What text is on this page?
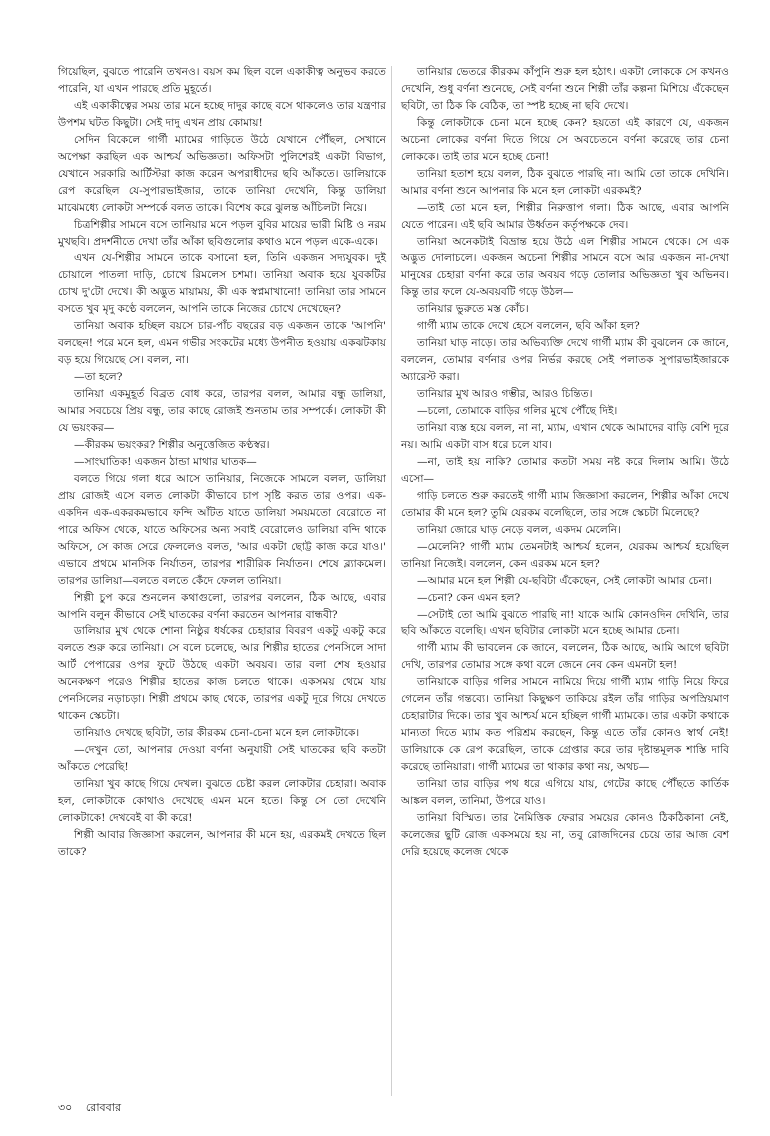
গিয়েছিল, বুঝতে পারেনি তখনও। বয়স কম ছিল বলে একাকীত্ব অনুভব করতে পারেনি, যা এখন পারছে প্রতি মুহূর্তে।

এই একাকীত্বের সময় তার মনে হচ্ছে দাদুর কাছে বসে থাকলেও তার যন্ত্রণার উপশম ঘটত কিছুটা। সেই দাদু এখন প্রায় কোমায়!

সেদিন বিকেলে গার্গী ম্যামের গাড়িতে উঠে যেখানে পৌঁছল, সেখানে অপেক্ষা করছিল এক আশ্চর্য অভিজ্ঞতা। অফিসটা পুলিশেরই একটা বিভাগ, যেখানে সরকারি আর্টিস্টরা কাজ করেন অপরাধীদের ছবি আঁকতে। ডালিয়াকে রেপ করেছিল যে-সুপারভাইজার, তাকে তানিয়া দেখেনি, কিন্তু ডালিয়া মাঝেমধ্যে লোকটা সম্পর্কে বলত তাকে। বিশেষ করে ঝুলন্ত আঁচিলটা নিয়ে।

চিত্রশিল্পীর সামনে বসে তানিয়ার মনে পড়ল বুবির মায়ের ভারী মিষ্টি ও নরম মুখছবি। প্রদর্শনীতে দেখা তাঁর আঁকা ছবিগুলোর কথাও মনে পড়ল একে-একে।

এখন যে-শিল্পীর সামনে তাকে বসানো হল, তিনি একজন সদ্যযুবক। দুই চোয়ালে পাতলা দাড়ি, চোখে রিমলেস চশমা। তানিয়া অবাক হয়ে যুবকটির চোখ দু'টো দেখে। কী অদ্ভুত মায়াময়, কী এক স্বপ্নমাখানো! তানিয়া তার সামনে বসতে খুব মৃদু কণ্ঠে বললেন, আপনি তাকে নিজের চোখে দেখেছেন?

তানিয়া অবাক হচ্ছিল বয়সে চার-পাঁচ বছরের বড় একজন তাকে 'আপনি' বলছেন! পরে মনে হল, এমন গভীর সংকটের মধ্যে উপনীত হওয়ায় একঝটকায় বড় হয়ে গিয়েছে সে। বলল, না।

—তা হলে?

তানিয়া একমুহূর্ত বিব্রত বোধ করে, তারপর বলল, আমার বন্ধু ডালিয়া, আমার সবচেয়ে প্রিয় বন্ধু, তার কাছে রোজই শুনতাম তার সম্পর্কে। লোকটা কী যে ভয়ংকর—

—কীরকম ভয়ংকর? শিল্পীর অনুত্তেজিত কণ্ঠস্বর।

—সাংঘাতিক! একজন ঠান্ডা মাথার ঘাতক—

বলতে গিয়ে গলা ধরে আসে তানিয়ার, নিজেকে সামলে বলল, ডালিয়া প্রায় রোজই এসে বলত লোকটা কীভাবে চাপ সৃষ্টি করত তার ওপর। এক-একদিন এক-একরকমভাবে ফন্দি আঁটত যাতে ডালিয়া সময়মতো বেরোতে না পারে অফিস থেকে, যাতে অফিসের অন্য সবাই বেরোলেও ডালিয়া বন্দি থাকে অফিসে, সে কাজ সেরে ফেললেও বলত, 'আর একটা ছোট্ট কাজ করে যাও।' এভাবে প্রথমে মানসিক নির্যাতন, তারপর শারীরিক নির্যাতন। শেষে ব্ল্যাকমেল। তারপর ডালিয়া—বলতে বলতে কেঁদে ফেলল তানিয়া।

শিল্পী চুপ করে শুনলেন কথাগুলো, তারপর বললেন, ঠিক আছে, এবার আপনি বলুন কীভাবে সেই ঘাতকের বর্ণনা করতেন আপনার বান্ধবী?

ডালিয়ার মুখ থেকে শোনা নিষ্ঠুর ধর্ষকের চেহারার বিবরণ একটু একটু করে বলতে শুরু করে তানিয়া। সে বলে চলেছে, আর শিল্পীর হাতের পেনসিলে সাদা আর্ট পেপারের ওপর ফুটে উঠছে একটা অবয়ব। তার বলা শেষ হওয়ার অনেকক্ষণ পরেও শিল্পীর হাতের কাজ চলতে থাকে। একসময় থেমে যায় পেনসিলের নড়াচড়া। শিল্পী প্রথমে কাছ থেকে, তারপর একটু দূরে গিয়ে দেখতে থাকেন স্কেচটা।

তানিয়াও দেখছে ছবিটা, তার কীরকম চেনা-চেনা মনে হল লোকটাকে।

—দেখুন তো, আপনার দেওয়া বর্ণনা অনুযায়ী সেই ঘাতকের ছবি কতটা আঁকতে পেরেছি!

তানিয়া খুব কাছে গিয়ে দেখল। বুঝতে চেষ্টা করল লোকটার চেহারা। অবাক হল, লোকটাকে কোথাও দেখেছে এমন মনে হতে। কিন্তু সে তো দেখেনি লোকটাকে! দেখবেই বা কী করে!

শিল্পী আবার জিজ্ঞাসা করলেন, আপনার কী মনে হয়, এরকমই দেখতে ছিল তাকে?

তানিয়ার ভেতরে কীরকম কাঁপুনি শুরু হল হঠাৎ। একটা লোককে সে কখনও দেখেনি, শুধু বর্ণনা শুনেছে, সেই বর্ণনা শুনে শিল্পী তাঁর কল্পনা মিশিয়ে এঁকেছেন ছবিটা, তা ঠিক কি বেঠিক, তা স্পষ্ট হচ্ছে না ছবি দেখে।

কিন্তু লোকটাকে চেনা মনে হচ্ছে কেন? হয়তো এই কারণে যে, একজন অচেনা লোকের বর্ণনা দিতে গিয়ে সে অবচেতনে বর্ণনা করেছে তার চেনা লোককে। তাই তার মনে হচ্ছে চেনা!

তানিয়া হতাশ হয়ে বলল, ঠিক বুঝতে পারছি না। আমি তো তাকে দেখিনি। আমার বর্ণনা শুনে আপনার কি মনে হল লোকটা এরকমই?

—তাই তো মনে হল, শিল্পীর নিরুত্তাপ গলা। ঠিক আছে, এবার আপনি যেতে পারেন। এই ছবি আমার উর্ধ্বতন কর্তৃপক্ষকে দেব।

তানিয়া অনেকটাই বিভ্রান্ত হয়ে উঠে এল শিল্পীর সামনে থেকে। সে এক অদ্ভুত দোলাচলে। একজন অচেনা শিল্পীর সামনে বসে আর একজন না-দেখা মানুষের চেহারা বর্ণনা করে তার অবয়ব গড়ে তোলার অভিজ্ঞতা খুব অভিনব। কিন্তু তার ফলে যে-অবয়বটি গড়ে উঠল—

তানিয়ার ভুরুতে মস্ত কোঁচ।

গার্গী ম্যাম তাকে দেখে হেসে বললেন, ছবি আঁকা হল?

তানিয়া ঘাড় নাড়ে। তার অভিব্যক্তি দেখে গার্গী ম্যাম কী বুঝলেন কে জানে, বললেন, তোমার বর্ণনার ওপর নির্ভর করছে সেই পলাতক সুপারভাইজারকে অ্যারেস্ট করা।

তানিয়ার মুখ আরও গম্ভীর, আরও চিন্তিত।

—চলো, তোমাকে বাড়ির গলির মুখে পৌঁছে দিই।

তানিয়া ব্যস্ত হয়ে বলল, না না, ম্যাম, এখান থেকে আমাদের বাড়ি বেশি দূরে নয়। আমি একটা বাস ধরে চলে যাব।

—না, তাই হয় নাকি? তোমার কতটা সময় নষ্ট করে দিলাম আমি। উঠে এসো—

গাড়ি চলতে শুরু করতেই গার্গী ম্যাম জিজ্ঞাসা করলেন, শিল্পীর আঁকা দেখে তোমার কী মনে হল? তুমি যেরকম বলেছিলে, তার সঙ্গে স্কেচটা মিলেছে?

তানিয়া জোরে ঘাড় নেড়ে বলল, একদম মেলেনি।

—মেলেনি? গার্গী ম্যাম তেমনটাই আশ্চর্য হলেন, যেরকম আশ্চর্য হয়েছিল তানিয়া নিজেই। বললেন, কেন এরকম মনে হল?

—আমার মনে হল শিল্পী যে-ছবিটা এঁকেছেন, সেই লোকটা আমার চেনা।

—চেনা? কেন এমন হল?

—সেটাই তো আমি বুঝতে পারছি না! যাকে আমি কোনওদিন দেখিনি, তার ছবি আঁকতে বলেছি। এখন ছবিটার লোকটা মনে হচ্ছে আমার চেনা।

গার্গী ম্যাম কী ভাবলেন কে জানে, বললেন, ঠিক আছে, আমি আগে ছবিটা দেখি, তারপর তোমার সঙ্গে কথা বলে জেনে নেব কেন এমনটা হল!

তানিয়াকে বাড়ির গলির সামনে নামিয়ে দিয়ে গার্গী ম্যাম গাড়ি নিয়ে ফিরে গেলেন তাঁর গন্তব্যে। তানিয়া কিছুক্ষণ তাকিয়ে রইল তাঁর গাড়ির অপস্রিয়মাণ চেহারাটার দিকে। তার খুব আশ্চর্য মনে হচ্ছিল গার্গী ম্যামকে। তার একটা কথাকে মান্যতা দিতে ম্যাম কত পরিশ্রম করছেন, কিন্তু এতে তাঁর কোনও স্বার্থ নেই! ডালিয়াকে কে রেপ করেছিল, তাকে গ্রেপ্তার করে তার দৃষ্টান্তমূলক শাস্তি দাবি করেছে তানিয়ারা। গার্গী ম্যামের তা থাকার কথা নয়, অথচ—

তানিয়া তার বাড়ির পথ ধরে এগিয়ে যায়, গেটের কাছে পৌঁছতে কার্তিক আঙ্কল বলল, তানিমা, উপরে যাও।

তানিয়া বিস্মিত। তার নৈমিত্তিক ফেরার সময়ের কোনও ঠিকঠিকানা নেই, কলেজের ছুটি রোজ একসময়ে হয় না, তবু রোজদিনের চেয়ে তার আজ বেশ দেরি হয়েছে কলেজ থেকে

৩০ রোববার
